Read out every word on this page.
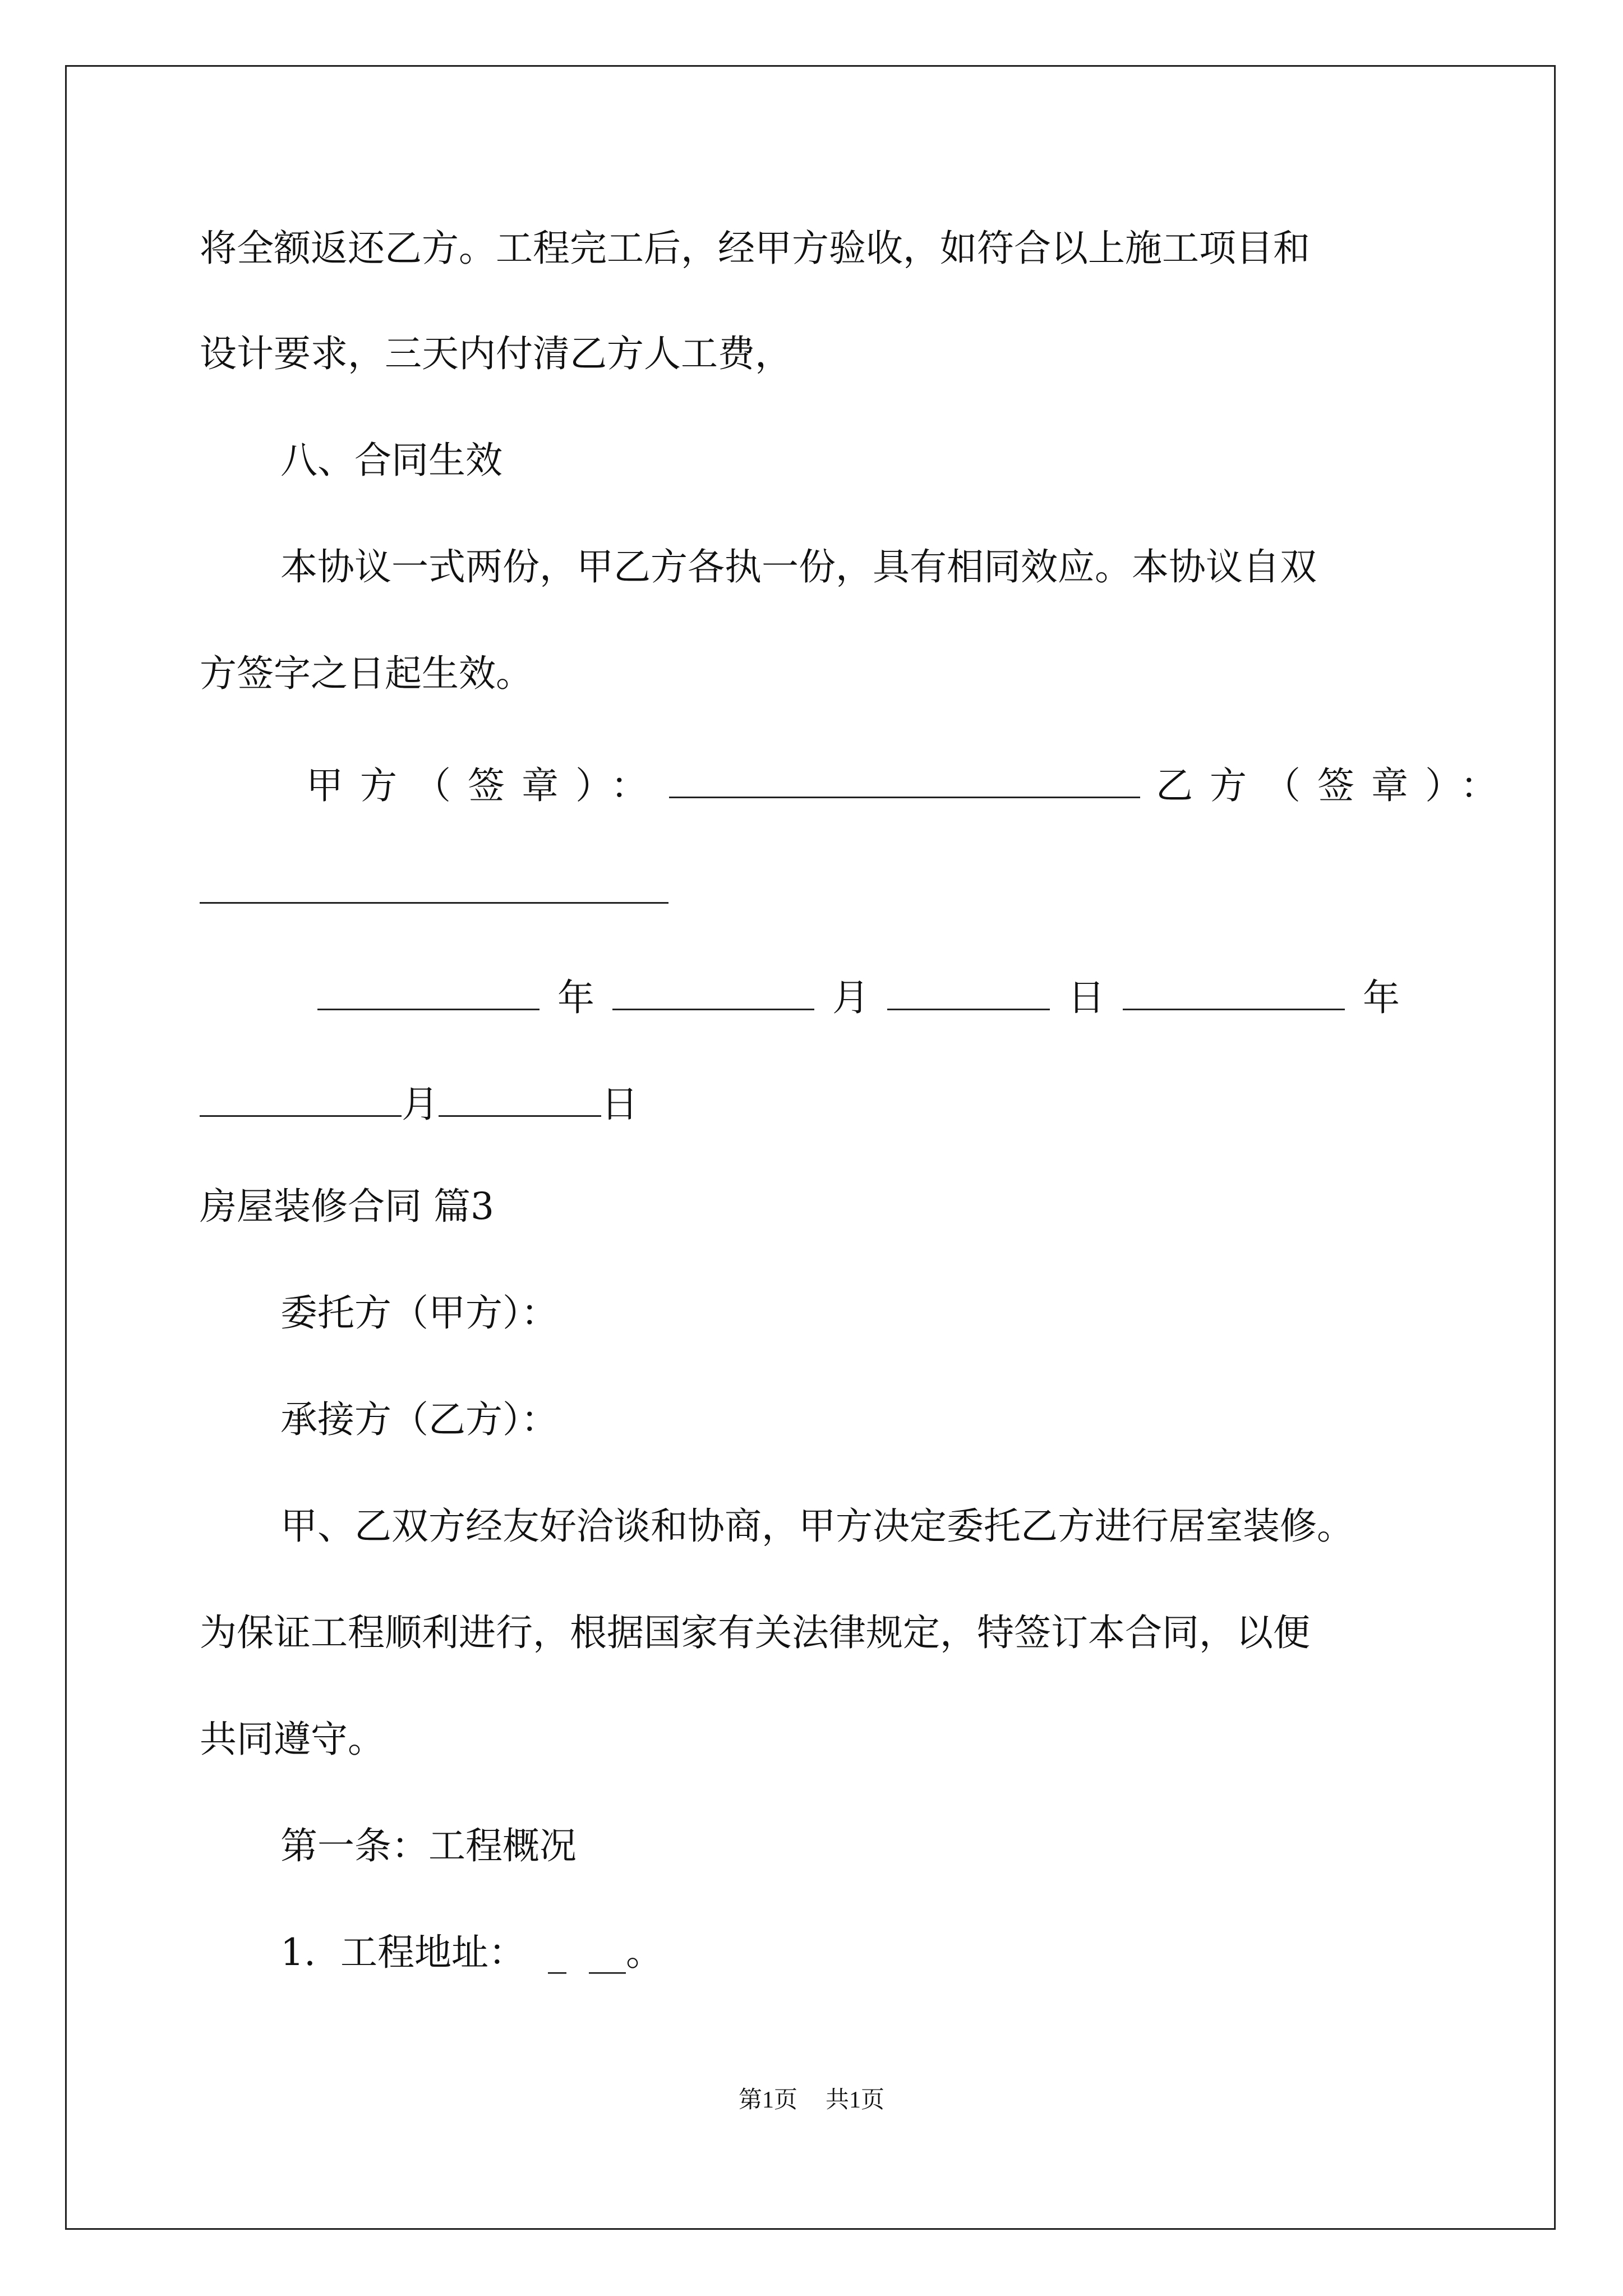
将全额返还乙方。工程完工后，经甲方验收，如符合以上施工项目和
设计要求，三天内付清乙方人工费，
八、合同生效
本协议一式两份，甲乙方各执一份，具有相同效应。本协议自双
方签字之日起生效。
甲方（签章）：	乙方（签章）：
年	月	日	年
月	日
房屋装修合同 篇3
委托方（甲方）：
承接方（乙方）：
甲、乙双方经友好洽谈和协商，甲方决定委托乙方进行居室装修。
为保证工程顺利进行，根据国家有关法律规定，特签订本合同，以便
共同遵守。
第一条：工程概况
1. 工程地址： _ __。
第1页 共1页
